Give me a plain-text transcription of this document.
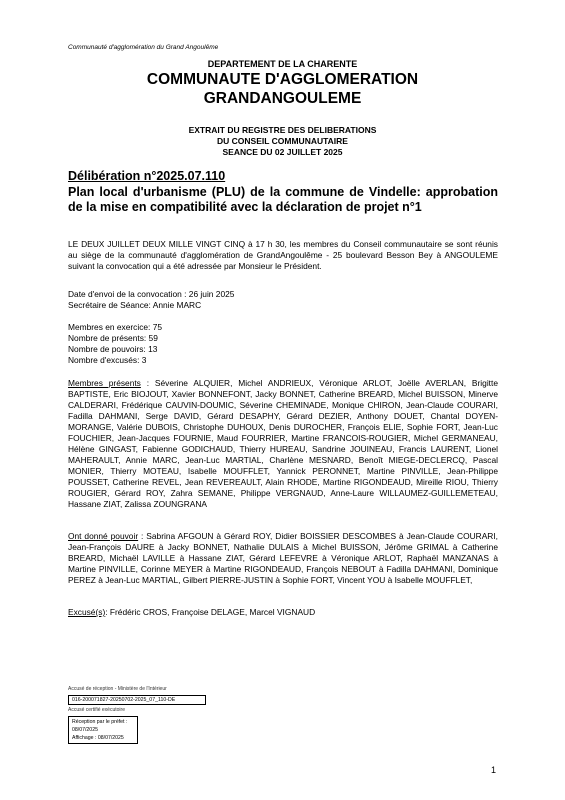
Communauté d'agglomération du Grand Angoulême
DEPARTEMENT DE LA CHARENTE
COMMUNAUTE D'AGGLOMERATION
GRANDANGOULEME
EXTRAIT DU REGISTRE DES DELIBERATIONS
DU CONSEIL COMMUNAUTAIRE
SEANCE DU 02 JUILLET 2025
Délibération n°2025.07.110
Plan local d'urbanisme (PLU) de la commune de Vindelle: approbation de la mise en compatibilité avec la déclaration de projet n°1
LE DEUX JUILLET DEUX MILLE VINGT CINQ à 17 h 30, les membres du Conseil communautaire se sont réunis au siège de la communauté d'agglomération de GrandAngoulême - 25 boulevard Besson Bey à ANGOULEME suivant la convocation qui a été adressée par Monsieur le Président.
Date d'envoi de la convocation : 26 juin 2025
Secrétaire de Séance: Annie MARC
Membres en exercice: 75
Nombre de présents: 59
Nombre de pouvoirs: 13
Nombre d'excusés: 3
Membres présents : Séverine ALQUIER, Michel ANDRIEUX, Véronique ARLOT, Joëlle AVERLAN, Brigitte BAPTISTE, Eric BIOJOUT, Xavier BONNEFONT, Jacky BONNET, Catherine BREARD, Michel BUISSON, Minerve CALDERARI, Frédérique CAUVIN-DOUMIC, Séverine CHEMINADE, Monique CHIRON, Jean-Claude COURARI, Fadilla DAHMANI, Serge DAVID, Gérard DESAPHY, Gérard DEZIER, Anthony DOUET, Chantal DOYEN-MORANGE, Valérie DUBOIS, Christophe DUHOUX, Denis DUROCHER, François ELIE, Sophie FORT, Jean-Luc FOUCHIER, Jean-Jacques FOURNIE, Maud FOURRIER, Martine FRANCOIS-ROUGIER, Michel GERMANEAU, Hélène GINGAST, Fabienne GODICHAUD, Thierry HUREAU, Sandrine JOUINEAU, Francis LAURENT, Lionel MAHERAULT, Annie MARC, Jean-Luc MARTIAL, Charlène MESNARD, Benoît MIEGE-DECLERCQ, Pascal MONIER, Thierry MOTEAU, Isabelle MOUFFLET, Yannick PERONNET, Martine PINVILLE, Jean-Philippe POUSSET, Catherine REVEL, Jean REVEREAULT, Alain RHODE, Martine RIGONDEAUD, Mireille RIOU, Thierry ROUGIER, Gérard ROY, Zahra SEMANE, Philippe VERGNAUD, Anne-Laure WILLAUMEZ-GUILLEMETEAU, Hassane ZIAT, Zalissa ZOUNGRANA
Ont donné pouvoir : Sabrina AFGOUN à Gérard ROY, Didier BOISSIER DESCOMBES à Jean-Claude COURARI, Jean-François DAURE à Jacky BONNET, Nathalie DULAIS à Michel BUISSON, Jérôme GRIMAL à Catherine BREARD, Michaël LAVILLE à Hassane ZIAT, Gérard LEFEVRE à Véronique ARLOT, Raphaël MANZANAS à Martine PINVILLE, Corinne MEYER à Martine RIGONDEAUD, François NEBOUT à Fadilla DAHMANI, Dominique PEREZ à Jean-Luc MARTIAL, Gilbert PIERRE-JUSTIN à Sophie FORT, Vincent YOU à Isabelle MOUFFLET,
Excusé(s): Frédéric CROS, Françoise DELAGE, Marcel VIGNAUD
Accusé de réception - Ministère de l'Intérieur
016-200071827-20250702-2025_07_110-DE
Accusé certifié exécutoire
Réception par le préfet : 08/07/2025
Affichage : 08/07/2025
1
